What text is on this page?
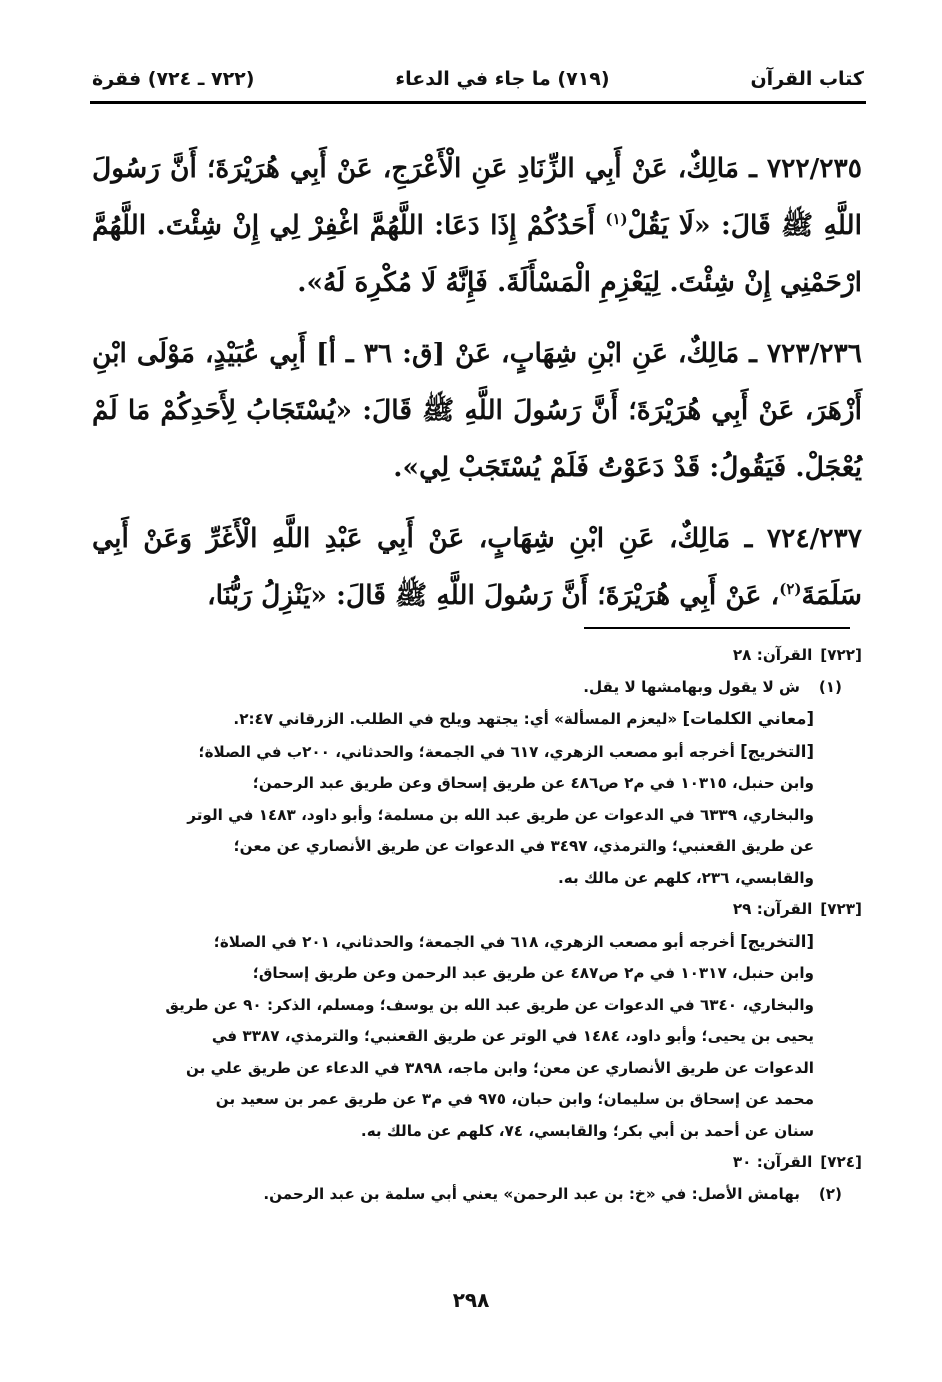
كتاب القرآن
(٧١٩) ما جاء في الدعاء
(٧٢٢ ـ ٧٢٤) فقرة

٧٢٢/٢٣٥ ـ مَالِكٌ، عَنْ أَبِي الزِّنَادِ عَنِ الْأَعْرَجِ، عَنْ أَبِي هُرَيْرَةَ؛ أَنَّ رَسُولَ اللَّهِ ﷺ قَالَ: «لَا يَقُلْ$^{(١)}$ أَحَدُكُمْ إِذَا دَعَا: اللَّهُمَّ اغْفِرْ لِي إِنْ شِئْتَ. اللَّهُمَّ ارْحَمْنِي إِنْ شِئْتَ. لِيَعْزِمِ الْمَسْأَلَةَ. فَإِنَّهُ لَا مُكْرِهَ لَهُ».

٧٢٣/٢٣٦ ـ مَالِكٌ، عَنِ ابْنِ شِهَابٍ، عَنْ [ق: ٣٦ ـ أ] أَبِي عُبَيْدٍ، مَوْلَى ابْنِ أَزْهَرَ، عَنْ أَبِي هُرَيْرَةَ؛ أَنَّ رَسُولَ اللَّهِ ﷺ قَالَ: «يُسْتَجَابُ لِأَحَدِكُمْ مَا لَمْ يُعْجَلْ. فَيَقُولُ: قَدْ دَعَوْتُ فَلَمْ يُسْتَجَبْ لِي».

٧٢٤/٢٣٧ ـ مَالِكٌ، عَنِ ابْنِ شِهَابٍ، عَنْ أَبِي عَبْدِ اللَّهِ الْأَغَرِّ وَعَنْ أَبِي سَلَمَةَ$^{(٢)}$، عَنْ أَبِي هُرَيْرَةَ؛ أَنَّ رَسُولَ اللَّهِ ﷺ قَالَ: «يَنْزِلُ رَبُّنَا،

[٧٢٢]
القرآن: ٢٨
(١)
ش لا يقول وبهامشها لا يقل.
[معاني الكلمات] «ليعزم المسألة» أي: يجتهد ويلح في الطلب. الزرقاني ٢:٤٧.
[التخريج] أخرجه أبو مصعب الزهري، ٦١٧ في الجمعة؛ والحدثاني، ٢٠٠ب في الصلاة؛
وابن حنبل، ١٠٣١٥ في م٢ ص٤٨٦ عن طريق إسحاق وعن طريق عبد الرحمن؛
والبخاري، ٦٣٣٩ في الدعوات عن طريق عبد الله بن مسلمة؛ وأبو داود، ١٤٨٣ في الوتر
عن طريق القعنبي؛ والترمذي، ٣٤٩٧ في الدعوات عن طريق الأنصاري عن معن؛
والقابسي، ٢٣٦، كلهم عن مالك به.
[٧٢٣]
القرآن: ٢٩
[التخريج] أخرجه أبو مصعب الزهري، ٦١٨ في الجمعة؛ والحدثاني، ٢٠١ في الصلاة؛
وابن حنبل، ١٠٣١٧ في م٢ ص٤٨٧ عن طريق عبد الرحمن وعن طريق إسحاق؛
والبخاري، ٦٣٤٠ في الدعوات عن طريق عبد الله بن يوسف؛ ومسلم، الذكر: ٩٠ عن طريق
يحيى بن يحيى؛ وأبو داود، ١٤٨٤ في الوتر عن طريق القعنبي؛ والترمذي، ٣٣٨٧ في
الدعوات عن طريق الأنصاري عن معن؛ وابن ماجه، ٣٨٩٨ في الدعاء عن طريق علي بن
محمد عن إسحاق بن سليمان؛ وابن حبان، ٩٧٥ في م٣ عن طريق عمر بن سعيد بن
سنان عن أحمد بن أبي بكر؛ والقابسي، ٧٤، كلهم عن مالك به.
[٧٢٤]
القرآن: ٣٠
(٢)
بهامش الأصل: في «خ: بن عبد الرحمن» يعني أبي سلمة بن عبد الرحمن.
٢٩٨
